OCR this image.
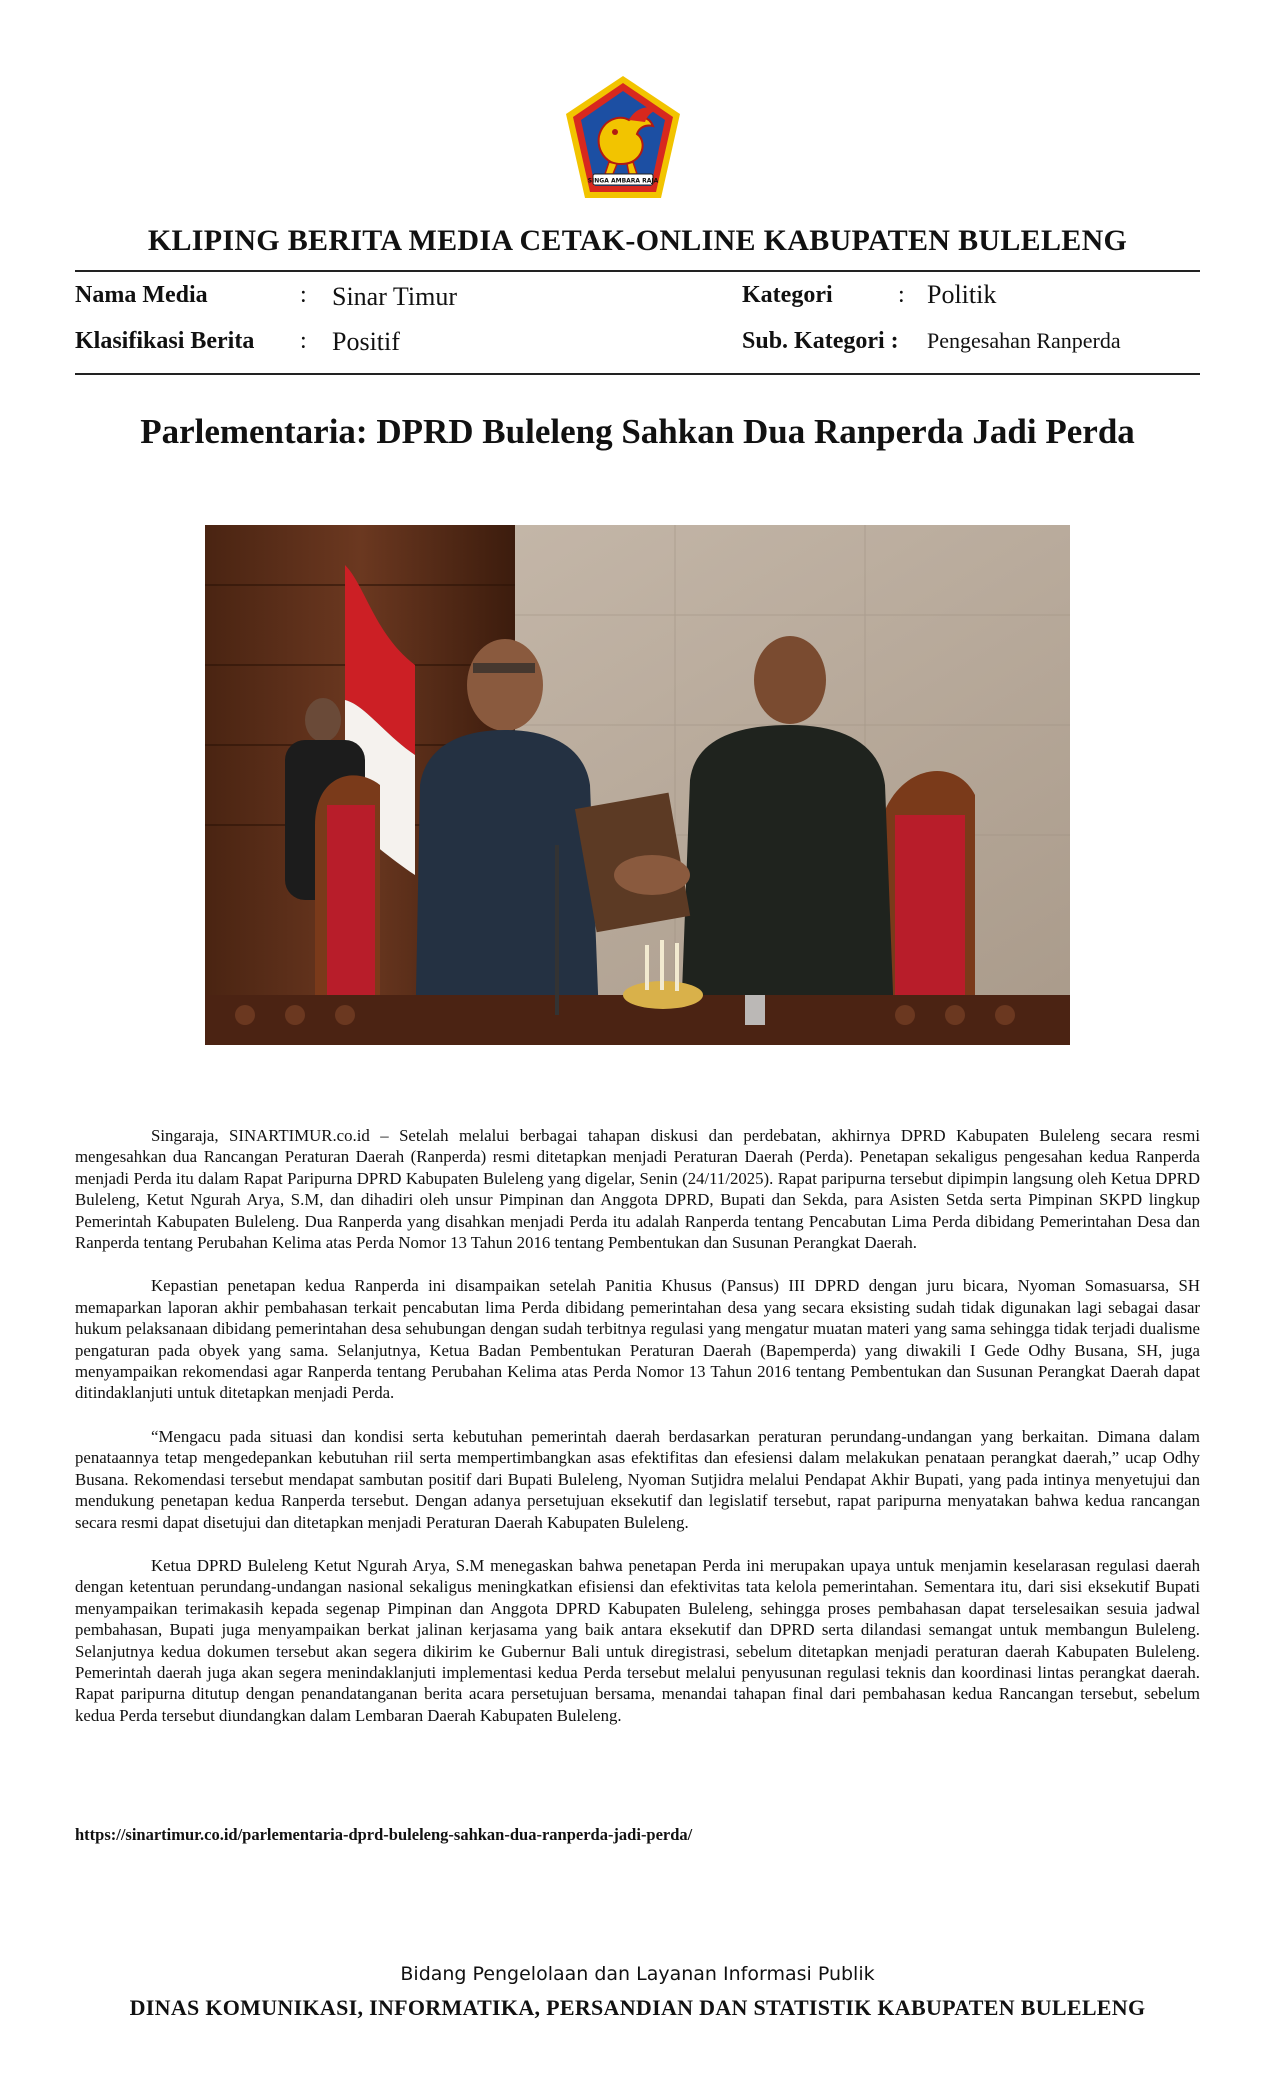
SINGA AMBARA RAJA
KLIPING BERITA MEDIA CETAK-ONLINE KABUPATEN BULELENG
Nama Media	: Sinar Timur	Kategori	: Politik
Klasifikasi Berita : Positif	Sub. Kategori : Pengesahan Ranperda
Parlementaria: DPRD Buleleng Sahkan Dua Ranperda Jadi Perda

Singaraja, SINARTIMUR.co.id – Setelah melalui berbagai tahapan diskusi dan perdebatan, akhirnya DPRD Kabupaten Buleleng secara resmi mengesahkan dua Rancangan Peraturan Daerah (Ranperda) resmi ditetapkan menjadi Peraturan Daerah (Perda). Penetapan sekaligus pengesahan kedua Ranperda menjadi Perda itu dalam Rapat Paripurna DPRD Kabupaten Buleleng yang digelar, Senin (24/11/2025). Rapat paripurna tersebut dipimpin langsung oleh Ketua DPRD Buleleng, Ketut Ngurah Arya, S.M, dan dihadiri oleh unsur Pimpinan dan Anggota DPRD, Bupati dan Sekda, para Asisten Setda serta Pimpinan SKPD lingkup Pemerintah Kabupaten Buleleng. Dua Ranperda yang disahkan menjadi Perda itu adalah Ranperda tentang Pencabutan Lima Perda dibidang Pemerintahan Desa dan Ranperda tentang Perubahan Kelima atas Perda Nomor 13 Tahun 2016 tentang Pembentukan dan Susunan Perangkat Daerah.

Kepastian penetapan kedua Ranperda ini disampaikan setelah Panitia Khusus (Pansus) III DPRD dengan juru bicara, Nyoman Somasuarsa, SH memaparkan laporan akhir pembahasan terkait pencabutan lima Perda dibidang pemerintahan desa yang secara eksisting sudah tidak digunakan lagi sebagai dasar hukum pelaksanaan dibidang pemerintahan desa sehubungan dengan sudah terbitnya regulasi yang mengatur muatan materi yang sama sehingga tidak terjadi dualisme pengaturan pada obyek yang sama. Selanjutnya, Ketua Badan Pembentukan Peraturan Daerah (Bapemperda) yang diwakili I Gede Odhy Busana, SH, juga menyampaikan rekomendasi agar Ranperda tentang Perubahan Kelima atas Perda Nomor 13 Tahun 2016 tentang Pembentukan dan Susunan Perangkat Daerah dapat ditindaklanjuti untuk ditetapkan menjadi Perda.

“Mengacu pada situasi dan kondisi serta kebutuhan pemerintah daerah berdasarkan peraturan perundang-undangan yang berkaitan. Dimana dalam penataannya tetap mengedepankan kebutuhan riil serta mempertimbangkan asas efektifitas dan efesiensi dalam melakukan penataan perangkat daerah,” ucap Odhy Busana. Rekomendasi tersebut mendapat sambutan positif dari Bupati Buleleng, Nyoman Sutjidra melalui Pendapat Akhir Bupati, yang pada intinya menyetujui dan mendukung penetapan kedua Ranperda tersebut. Dengan adanya persetujuan eksekutif dan legislatif tersebut, rapat paripurna menyatakan bahwa kedua rancangan secara resmi dapat disetujui dan ditetapkan menjadi Peraturan Daerah Kabupaten Buleleng.

Ketua DPRD Buleleng Ketut Ngurah Arya, S.M menegaskan bahwa penetapan Perda ini merupakan upaya untuk menjamin keselarasan regulasi daerah dengan ketentuan perundang-undangan nasional sekaligus meningkatkan efisiensi dan efektivitas tata kelola pemerintahan. Sementara itu, dari sisi eksekutif Bupati menyampaikan terimakasih kepada segenap Pimpinan dan Anggota DPRD Kabupaten Buleleng, sehingga proses pembahasan dapat terselesaikan sesuia jadwal pembahasan, Bupati juga menyampaikan berkat jalinan kerjasama yang baik antara eksekutif dan DPRD serta dilandasi semangat untuk membangun Buleleng. Selanjutnya kedua dokumen tersebut akan segera dikirim ke Gubernur Bali untuk diregistrasi, sebelum ditetapkan menjadi peraturan daerah Kabupaten Buleleng. Pemerintah daerah juga akan segera menindaklanjuti implementasi kedua Perda tersebut melalui penyusunan regulasi teknis dan koordinasi lintas perangkat daerah. Rapat paripurna ditutup dengan penandatanganan berita acara persetujuan bersama, menandai tahapan final dari pembahasan kedua Rancangan tersebut, sebelum kedua Perda tersebut diundangkan dalam Lembaran Daerah Kabupaten Buleleng.

https://sinartimur.co.id/parlementaria-dprd-buleleng-sahkan-dua-ranperda-jadi-perda/
Bidang Pengelolaan dan Layanan Informasi Publik
DINAS KOMUNIKASI, INFORMATIKA, PERSANDIAN DAN STATISTIK KABUPATEN BULELENG
